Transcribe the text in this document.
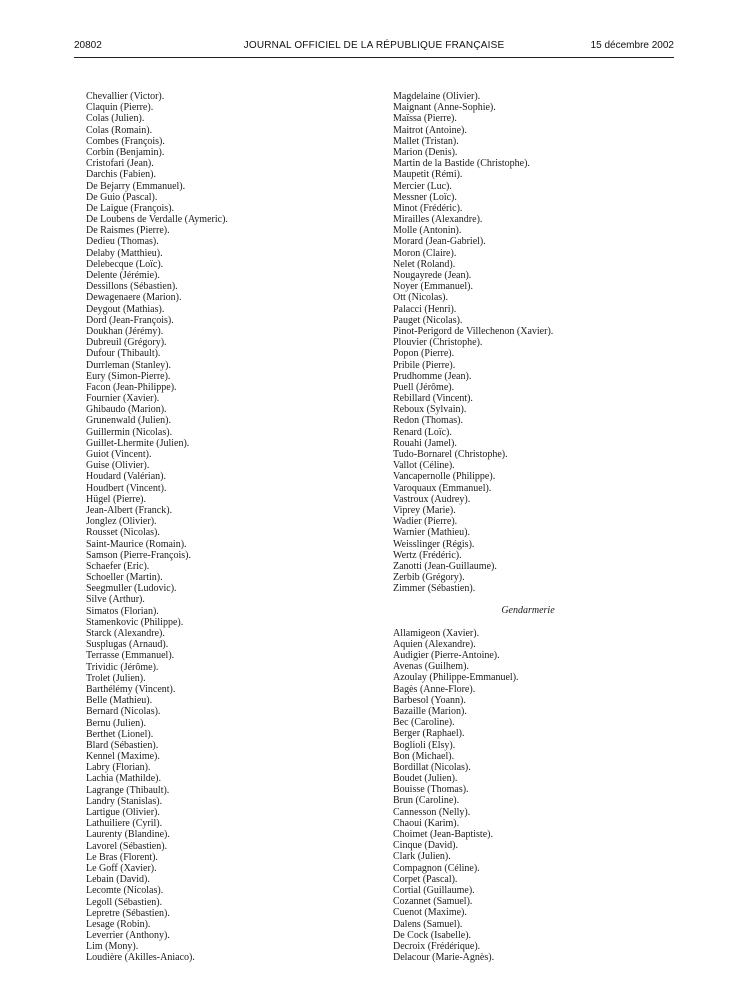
20802	JOURNAL OFFICIEL DE LA RÉPUBLIQUE FRANÇAISE	15 décembre 2002
Chevallier (Victor).
Claquin (Pierre).
Colas (Julien).
Colas (Romain).
Combes (François).
Corbin (Benjamin).
Cristofari (Jean).
Darchis (Fabien).
De Bejarry (Emmanuel).
De Guio (Pascal).
De Laigue (François).
De Loubens de Verdalle (Aymeric).
De Raismes (Pierre).
Dedieu (Thomas).
Delaby (Matthieu).
Delebecque (Loïc).
Delente (Jérémie).
Dessillons (Sébastien).
Dewagenaere (Marion).
Deygout (Mathias).
Dord (Jean-François).
Doukhan (Jérémy).
Dubreuil (Grégory).
Dufour (Thibault).
Durrleman (Stanley).
Eury (Simon-Pierre).
Facon (Jean-Philippe).
Fournier (Xavier).
Ghibaudo (Marion).
Grunenwald (Julien).
Guillermin (Nicolas).
Guillet-Lhermite (Julien).
Guiot (Vincent).
Guise (Olivier).
Houdard (Valérian).
Houdbert (Vincent).
Hügel (Pierre).
Jean-Albert (Franck).
Jonglez (Olivier).
Rousset (Nicolas).
Saint-Maurice (Romain).
Samson (Pierre-François).
Schaefer (Eric).
Schoeller (Martin).
Seegmuller (Ludovic).
Silve (Arthur).
Simatos (Florian).
Stamenkovic (Philippe).
Starck (Alexandre).
Susplugas (Arnaud).
Terrasse (Emmanuel).
Trividic (Jérôme).
Trolet (Julien).
Barthélémy (Vincent).
Belle (Mathieu).
Bernard (Nicolas).
Bernu (Julien).
Berthet (Lionel).
Blard (Sébastien).
Kennel (Maxime).
Labry (Florian).
Lachia (Mathilde).
Lagrange (Thibault).
Landry (Stanislas).
Lartigue (Olivier).
Lathuiliere (Cyril).
Laurenty (Blandine).
Lavorel (Sébastien).
Le Bras (Florent).
Le Goff (Xavier).
Lebain (David).
Lecomte (Nicolas).
Legoll (Sébastien).
Lepretre (Sébastien).
Lesage (Robin).
Leverrier (Anthony).
Lim (Mony).
Loudière (Akilles-Aniaco).
Magdelaine (Olivier).
Maignant (Anne-Sophie).
Maïssa (Pierre).
Maitrot (Antoine).
Mallet (Tristan).
Marion (Denis).
Martin de la Bastide (Christophe).
Maupetit (Rémi).
Mercier (Luc).
Messner (Loïc).
Minot (Frédéric).
Mirailles (Alexandre).
Molle (Antonin).
Morard (Jean-Gabriel).
Moron (Claire).
Nelet (Roland).
Nougayrede (Jean).
Noyer (Emmanuel).
Ott (Nicolas).
Palacci (Henri).
Pauget (Nicolas).
Pinot-Perigord de Villechenon (Xavier).
Plouvier (Christophe).
Popon (Pierre).
Pribile (Pierre).
Prudhomme (Jean).
Puell (Jérôme).
Rebillard (Vincent).
Reboux (Sylvain).
Redon (Thomas).
Renard (Loïc).
Rouahi (Jamel).
Tudo-Bornarel (Christophe).
Vallot (Céline).
Vancapernolle (Philippe).
Varoquaux (Emmanuel).
Vastroux (Audrey).
Viprey (Marie).
Wadier (Pierre).
Warnier (Mathieu).
Weisslinger (Régis).
Wertz (Frédéric).
Zanotti (Jean-Guillaume).
Zerbib (Grégory).
Zimmer (Sébastien).
Gendarmerie
Allamigeon (Xavier).
Aquien (Alexandre).
Audigier (Pierre-Antoine).
Avenas (Guilhem).
Azoulay (Philippe-Emmanuel).
Bagès (Anne-Flore).
Barbesol (Yoann).
Bazaille (Marion).
Bec (Caroline).
Berger (Raphael).
Boglioli (Elsy).
Bon (Michael).
Bordillat (Nicolas).
Boudet (Julien).
Bouisse (Thomas).
Brun (Caroline).
Cannesson (Nelly).
Chaoui (Karim).
Choimet (Jean-Baptiste).
Cinque (David).
Clark (Julien).
Compagnon (Céline).
Corpet (Pascal).
Cortial (Guillaume).
Cozannet (Samuel).
Cuenot (Maxime).
Dalens (Samuel).
De Cock (Isabelle).
Decroix (Frédérique).
Delacour (Marie-Agnès).
